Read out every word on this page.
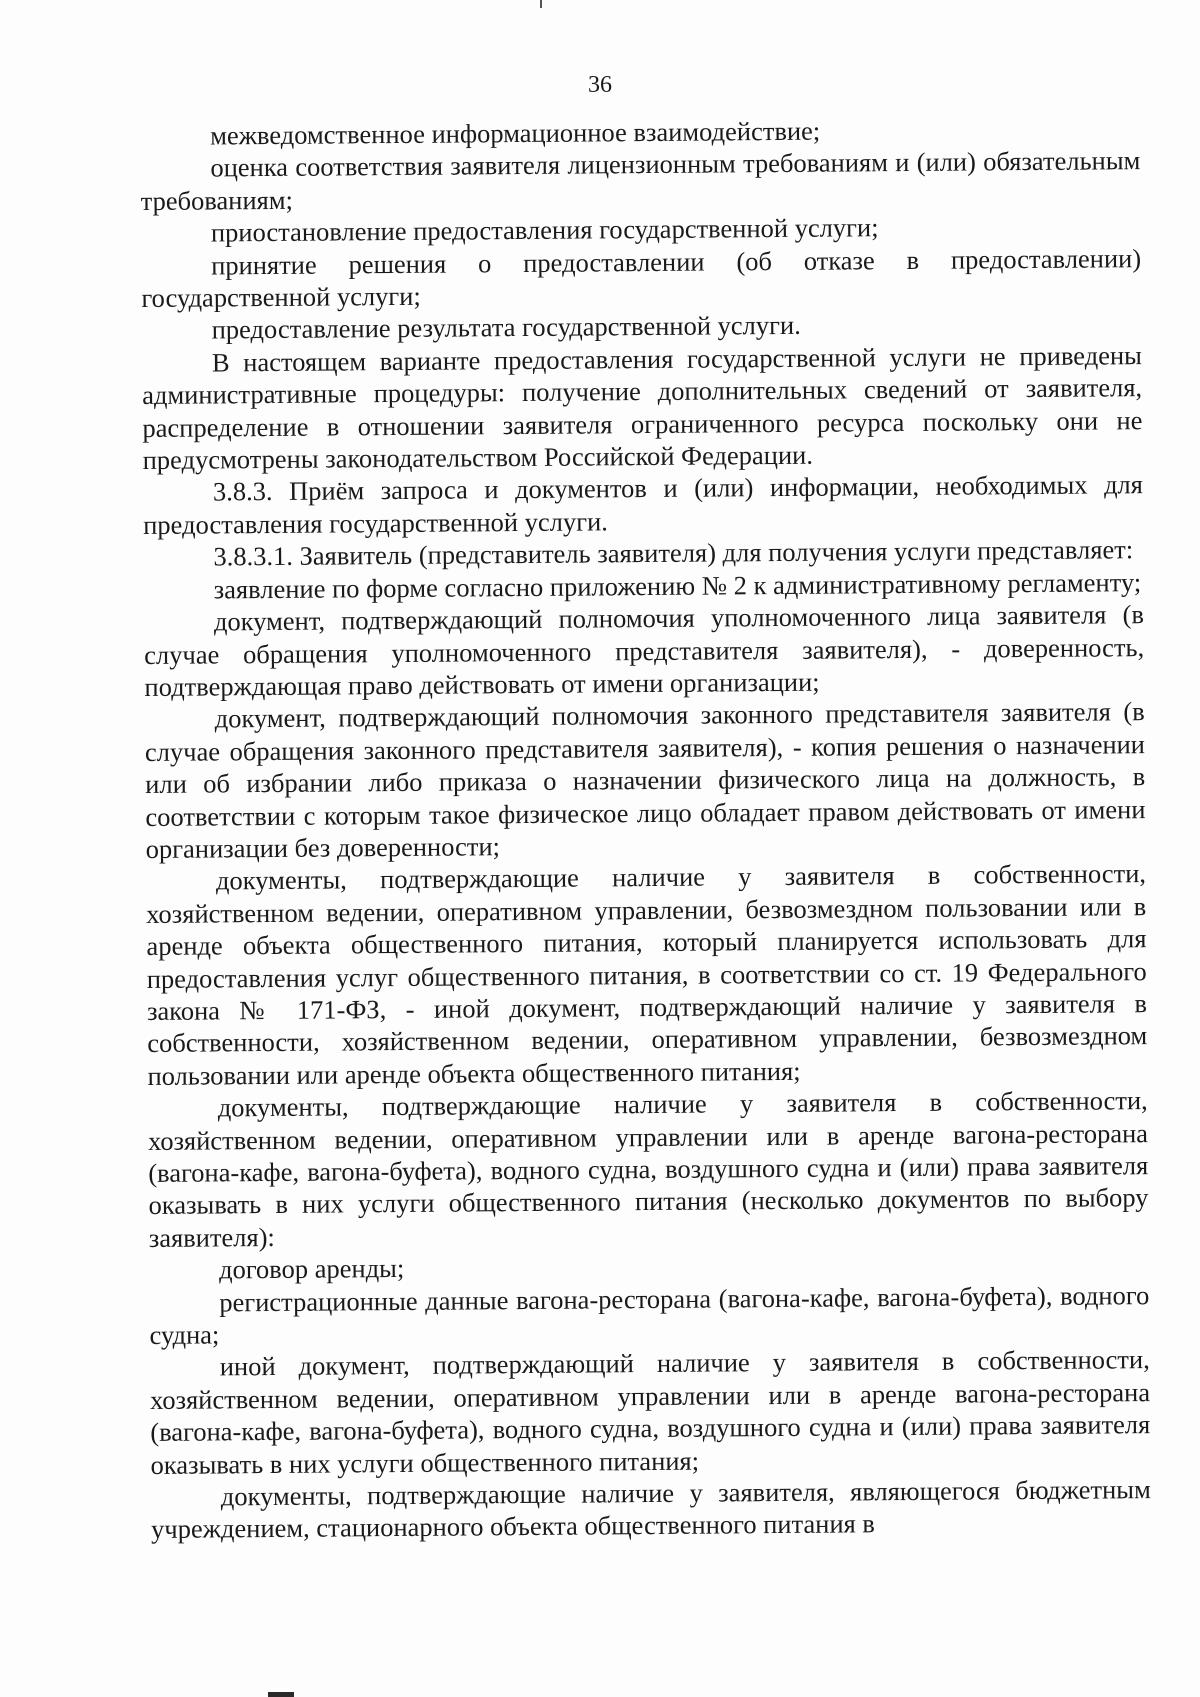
36

межведомственное информационное взаимодействие;

оценка соответствия заявителя лицензионным требованиям и (или) обязательным требованиям;

приостановление предоставления государственной услуги;

принятие решения о предоставлении (об отказе в предоставлении) государственной услуги;

предоставление результата государственной услуги.

В настоящем варианте предоставления государственной услуги не приведены административные процедуры: получение дополнительных сведений от заявителя, распределение в отношении заявителя ограниченного ресурса поскольку они не предусмотрены законодательством Российской Федерации.

3.8.3. Приём запроса и документов и (или) информации, необходимых для предоставления государственной услуги.

3.8.3.1. Заявитель (представитель заявителя) для получения услуги представляет:

заявление по форме согласно приложению № 2 к административному регламенту;

документ, подтверждающий полномочия уполномоченного лица заявителя (в случае обращения уполномоченного представителя заявителя), - доверенность, подтверждающая право действовать от имени организации;

документ, подтверждающий полномочия законного представителя заявителя (в случае обращения законного представителя заявителя), - копия решения о назначении или об избрании либо приказа о назначении физического лица на должность, в соответствии с которым такое физическое лицо обладает правом действовать от имени организации без доверенности;

документы, подтверждающие наличие у заявителя в собственности, хозяйственном ведении, оперативном управлении, безвозмездном пользовании или в аренде объекта общественного питания, который планируется использовать для предоставления услуг общественного питания, в соответствии со ст. 19 Федерального закона № 171-ФЗ, - иной документ, подтверждающий наличие у заявителя в собственности, хозяйственном ведении, оперативном управлении, безвозмездном пользовании или аренде объекта общественного питания;

документы, подтверждающие наличие у заявителя в собственности, хозяйственном ведении, оперативном управлении или в аренде вагона-ресторана (вагона-кафе, вагона-буфета), водного судна, воздушного судна и (или) права заявителя оказывать в них услуги общественного питания (несколько документов по выбору заявителя):

договор аренды;

регистрационные данные вагона-ресторана (вагона-кафе, вагона-буфета), водного судна;

иной документ, подтверждающий наличие у заявителя в собственности, хозяйственном ведении, оперативном управлении или в аренде вагона-ресторана (вагона-кафе, вагона-буфета), водного судна, воздушного судна и (или) права заявителя оказывать в них услуги общественного питания;

документы, подтверждающие наличие у заявителя, являющегося бюджетным учреждением, стационарного объекта общественного питания в
